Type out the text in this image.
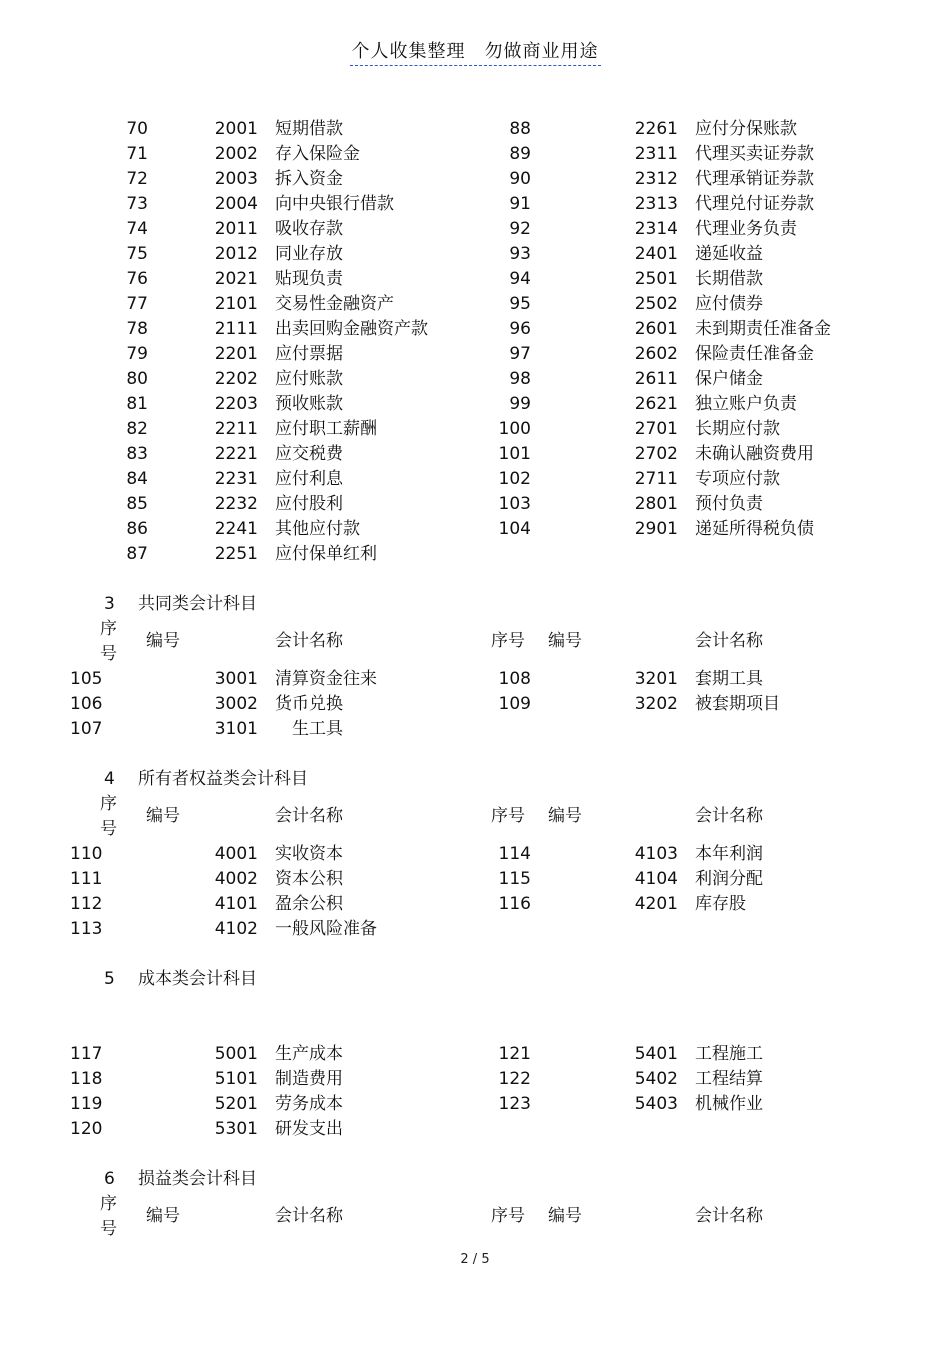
个人收集整理　勿做商业用途
70	2001 短期借款	88	2261 应付分保账款
71	2002 存入保险金	89	2311 代理买卖证券款
72	2003 拆入资金	90	2312 代理承销证券款
73	2004 向中央银行借款	91	2313 代理兑付证券款
74	2011 吸收存款	92	2314 代理业务负责
75	2012 同业存放	93	2401 递延收益
76	2021 贴现负责	94	2501 长期借款
77	2101 交易性金融资产	95	2502 应付债券
78	2111 出卖回购金融资产款	96	2601 未到期责任准备金
79	2201 应付票据	97	2602 保险责任准备金
80	2202 应付账款	98	2611 保户储金
81	2203 预收账款	99	2621 独立账户负责
82	2211 应付职工薪酬	100	2701 长期应付款
83	2221 应交税费	101	2702 未确认融资费用
84	2231 应付利息	102	2711 专项应付款
85	2232 应付股利	103	2801 预付负责
86	2241 其他应付款	104	2901 递延所得税负债
87	2251 应付保单红利
3 共同类会计科目
序
号
编号	会计名称	序号 编号	会计名称
105	3001 清算资金往来	108	3201 套期工具
106	3002 货币兑换	109	3202 被套期项目
107	3101 　生工具
4 所有者权益类会计科目
序
号
编号	会计名称	序号 编号	会计名称
110	4001 实收资本	114	4103 本年利润
111	4002 资本公积	115	4104 利润分配
112	4101 盈余公积	116	4201 库存股
113	4102 一般风险准备
5 成本类会计科目
117	5001 生产成本	121	5401 工程施工
118	5101 制造费用	122	5402 工程结算
119	5201 劳务成本	123	5403 机械作业
120	5301 研发支出
6 损益类会计科目
序
号
编号	会计名称	序号 编号	会计名称
2 / 5
